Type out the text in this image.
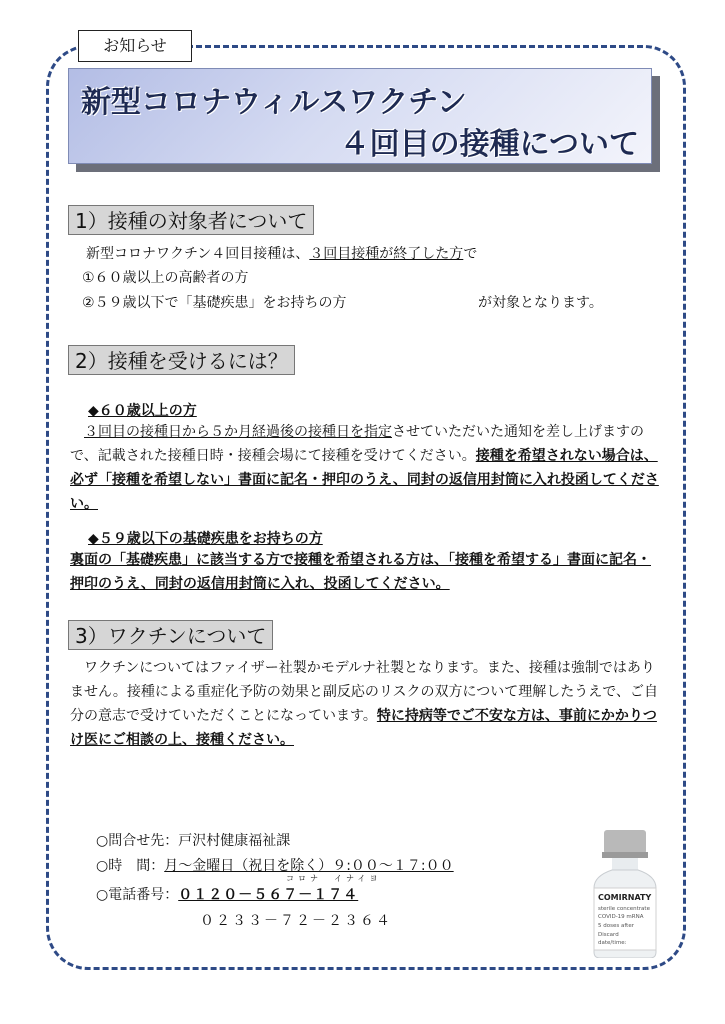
お知らせ
新型コロナウィルスワクチン
４回目の接種について
1）接種の対象者について
新型コロナワクチン４回目接種は、３回目接種が終了した方で
①６０歳以上の高齢者の方
②５９歳以下で「基礎疾患」をお持ちの方	が対象となります。
2）接種を受けるには？
◆６０歳以上の方
３回目の接種日から５か月経過後の接種日を指定させていただいた通知を差し上げますので、記載された接種日時・接種会場にて接種を受けてください。接種を希望されない場合は、必ず「接種を希望しない」書面に記名・押印のうえ、同封の返信用封筒に入れ投函してください。
◆５９歳以下の基礎疾患をお持ちの方
裏面の「基礎疾患」に該当する方で接種を希望される方は、「接種を希望する」書面に記名・押印のうえ、同封の返信用封筒に入れ、投函してください。
3）ワクチンについて
ワクチンについてはファイザー社製かモデルナ社製となります。また、接種は強制ではありません。接種による重症化予防の効果と副反応のリスクの双方について理解したうえで、ご自分の意志で受けていただくことになっています。特に持病等でご不安な方は、事前にかかりつけ医にご相談の上、接種ください。
○問合せ先：戸沢村健康福祉課
○時　間：月～金曜日（祝日を除く）９:００～１７:００
コロナ　イナイヨ
○電話番号：０１２０－５６７－１７４
０２３３－７２－２３６４
COMIRNATY
sterile concentrate
COVID-19 mRNA
5 doses after
Discard
date/time:
